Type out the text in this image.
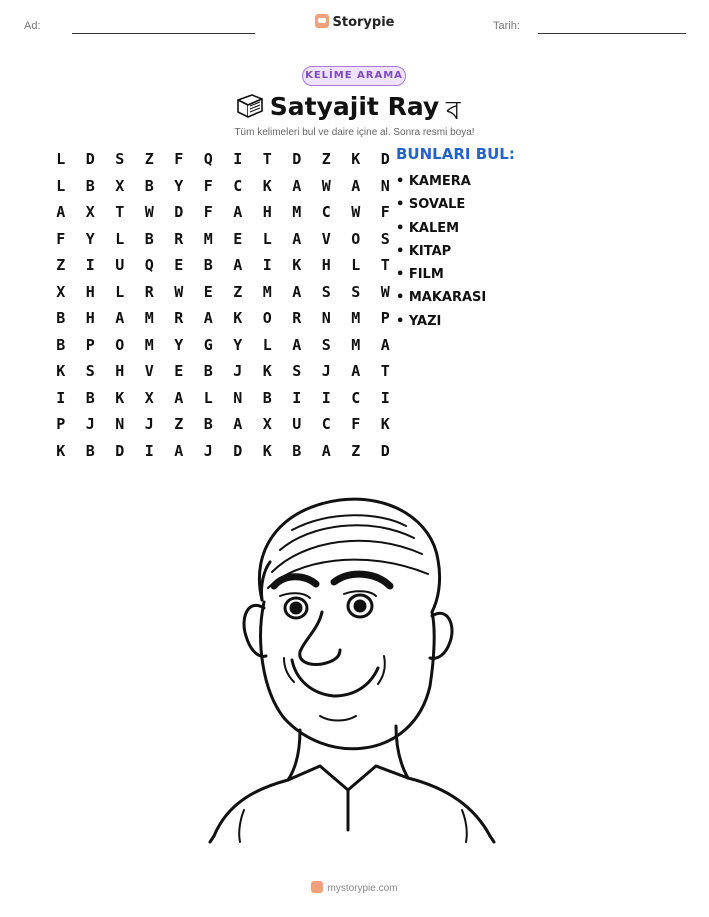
Ad:	Storypie	Tarih:
KELİME ARAMA
Satyajit Ray ব
Tüm kelimeleri bul ve daire içine al. Sonra resmi boya!
L	D	S	Z	F	Q	I	T	D	Z	K	D
L	B	X	B	Y	F	C	K	A	W	A	N
A	X	T	W	D	F	A	H	M	C	W	F
F	Y	L	B	R	M	E	L	A	V	O	S
Z	I	U	Q	E	B	A	I	K	H	L	T
X	H	L	R	W	E	Z	M	A	S	S	W
B	H	A	M	R	A	K	O	R	N	M	P
B	P	O	M	Y	G	Y	L	A	S	M	A
K	S	H	V	E	B	J	K	S	J	A	T
I	B	K	X	A	L	N	B	I	I	C	I
P	J	N	J	Z	B	A	X	U	C	F	K
K	B	D	I	A	J	D	K	B	A	Z	D
BUNLARI BUL:
• KAMERA
• SOVALE
• KALEM
• KITAP
• FILM
• MAKARASI
• YAZI
mystorypie.com
